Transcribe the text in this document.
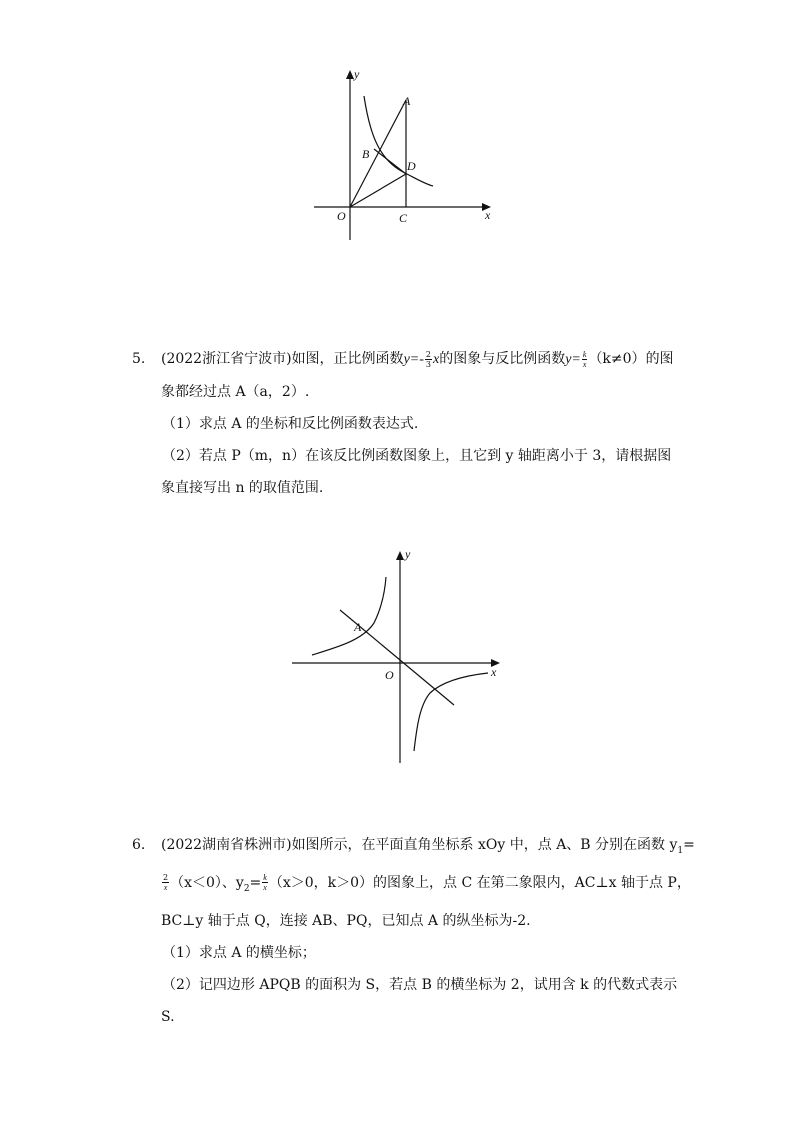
y
A
B
D
O	C	x
5.	(2022浙江省宁波市)如图，正比例函数$y=- \frac{2}{3}$ x的图象与反比例函数$y= \frac{k}{x} (k\ne 0)$的图
象都经过点 A（a，2）.
（1）求点 A 的坐标和反比例函数表达式.
（2）若点 P（m，n）在该反比例函数图象上，且它到 y 轴距离小于 3，请根据图
象直接写出 n 的取值范围.
y
A
O	x
6.	(2022湖南省株洲市)如图所示，在平面直角坐标系 xOy 中，点 A、B 分别在函数 $y_1=$
$\frac{2}{x} (x<0)$、$y_2= \frac{k}{x} (x>0$，k＞0）的图象上，点 C 在第二象限内，AC⊥x 轴于点 P，
BC⊥y 轴于点 Q，连接 AB、PQ，已知点 A 的纵坐标为-2.
（1）求点 A 的横坐标；
（2）记四边形 APQB 的面积为 S，若点 B 的横坐标为 2，试用含 k 的代数式表示
S.
